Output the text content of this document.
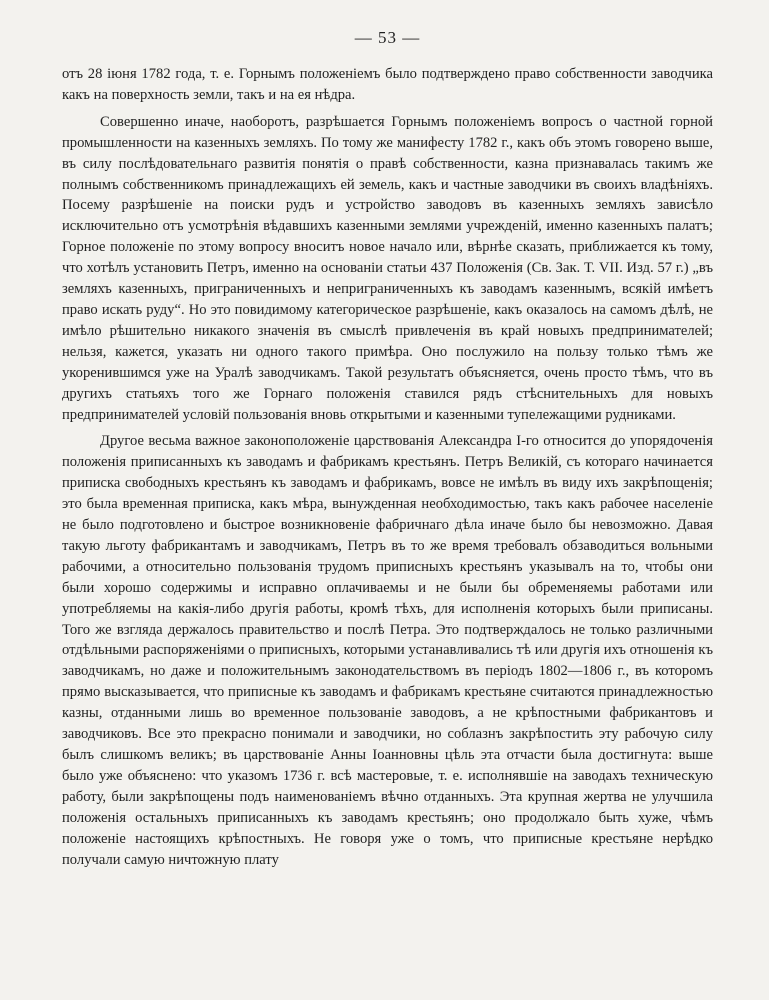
— 53 —

отъ 28 іюня 1782 года, т. е. Горнымъ положеніемъ было подтверждено право собственности заводчика какъ на поверхность земли, такъ и на ея нѣдра.

Совершенно иначе, наоборотъ, разрѣшается Горнымъ положеніемъ вопросъ о частной горной промышленности на казенныхъ земляхъ. По тому же манифесту 1782 г., какъ объ этомъ говорено выше, въ силу послѣдовательнаго развитія понятія о правѣ собственности, казна признавалась такимъ же полнымъ собственникомъ принадлежащихъ ей земель, какъ и частные заводчики въ своихъ владѣніяхъ. Посему разрѣшеніе на поиски рудъ и устройство заводовъ въ казенныхъ земляхъ зависѣло исключительно отъ усмотрѣнія вѣдавшихъ казенными землями учрежденій, именно казенныхъ палатъ; Горное положеніе по этому вопросу вноситъ новое начало или, вѣрнѣе сказать, приближается къ тому, что хотѣлъ установить Петръ, именно на основаніи статьи 437 Положенія (Св. Зак. Т. VII. Изд. 57 г.) „въ земляхъ казенныхъ, приграниченныхъ и неприграниченныхъ къ заводамъ казеннымъ, всякій имѣетъ право искать руду“. Но это повидимому категорическое разрѣшеніе, какъ оказалось на самомъ дѣлѣ, не имѣло рѣшительно никакого значенія въ смыслѣ привлеченія въ край новыхъ предпринимателей; нельзя, кажется, указать ни одного такого примѣра. Оно послужило на пользу только тѣмъ же укоренившимся уже на Уралѣ заводчикамъ. Такой результатъ объясняется, очень просто тѣмъ, что въ другихъ статьяхъ того же Горнаго положенія ставился рядъ стѣснительныхъ для новыхъ предпринимателей условій пользованія вновь открытыми и казенными тупележащими рудниками.

Другое весьма важное законоположеніе царствованія Александра I-го относится до упорядоченія положенія приписанныхъ къ заводамъ и фабрикамъ крестьянъ. Петръ Великій, съ котораго начинается приписка свободныхъ крестьянъ къ заводамъ и фабрикамъ, вовсе не имѣлъ въ виду ихъ закрѣпощенія; это была временная приписка, какъ мѣра, вынужденная необходимостью, такъ какъ рабочее населеніе не было подготовлено и быстрое возникновеніе фабричнаго дѣла иначе было бы невозможно. Давая такую льготу фабрикантамъ и заводчикамъ, Петръ въ то же время требовалъ обзаводиться вольными рабочими, а относительно пользованія трудомъ приписныхъ крестьянъ указывалъ на то, чтобы они были хорошо содержимы и исправно оплачиваемы и не были бы обременяемы работами или употребляемы на какія-либо другія работы, кромѣ тѣхъ, для исполненія которыхъ были приписаны. Того же взгляда держалось правительство и послѣ Петра. Это подтверждалось не только различными отдѣльными распоряженіями о приписныхъ, которыми устанавливались тѣ или другія ихъ отношенія къ заводчикамъ, но даже и положительнымъ законодательствомъ въ періодъ 1802—1806 г., въ которомъ прямо высказывается, что приписные къ заводамъ и фабрикамъ крестьяне считаются принадлежностью казны, отданными лишь во временное пользованіе заводовъ, а не крѣпостными фабрикантовъ и заводчиковъ. Все это прекрасно понимали и заводчики, но соблазнъ закрѣпостить эту рабочую силу былъ слишкомъ великъ; въ царствованіе Анны Іоанновны цѣль эта отчасти была достигнута: выше было уже объяснено: что указомъ 1736 г. всѣ мастеровые, т. е. исполнявшіе на заводахъ техническую работу, были закрѣпощены подъ наименованіемъ вѣчно отданныхъ. Эта крупная жертва не улучшила положенія остальныхъ приписанныхъ къ заводамъ крестьянъ; оно продолжало быть хуже, чѣмъ положеніе настоящихъ крѣпостныхъ. Не говоря уже о томъ, что приписные крестьяне нерѣдко получали самую ничтожную плату
